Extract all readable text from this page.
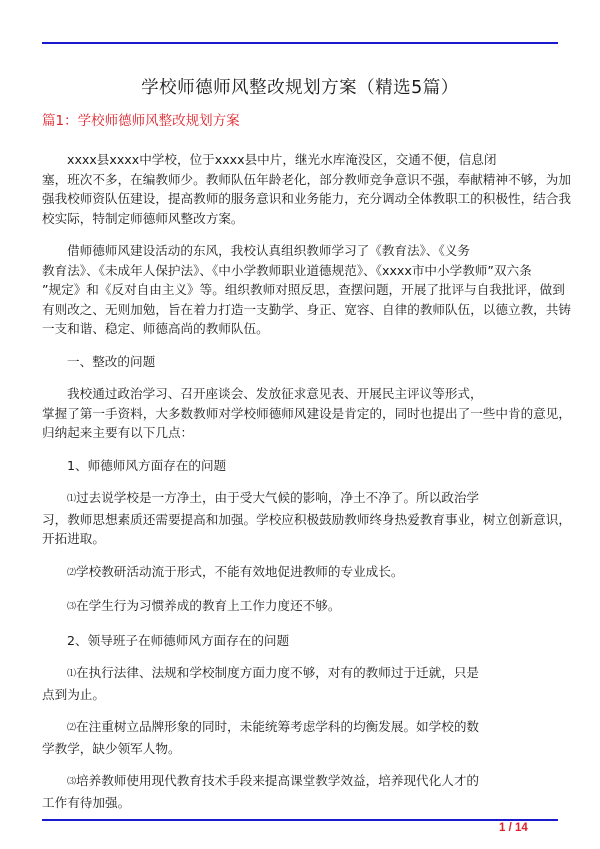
学校师德师风整改规划方案（精选5篇）
篇1：学校师德师风整改规划方案

xxxx县xxxx中学校，位于xxxx县中片，继光水库淹没区，交通不便，信息闭
塞，班次不多，在编教师少。教师队伍年龄老化，部分教师竞争意识不强，奉献精神不够，为加
强我校师资队伍建设，提高教师的服务意识和业务能力，充分调动全体教职工的积极性，结合我
校实际，特制定师德师风整改方案。

借师德师风建设活动的东风，我校认真组织教师学习了《教育法》、《义务
教育法》、《未成年人保护法》、《中小学教师职业道德规范》、《xxxx市中小学教师”双六条
”规定》和《反对自由主义》等。组织教师对照反思，查摆问题，开展了批评与自我批评，做到
有则改之、无则加勉，旨在着力打造一支勤学、身正、宽容、自律的教师队伍，以德立教，共铸
一支和谐、稳定、师德高尚的教师队伍。

一、整改的问题

我校通过政治学习、召开座谈会、发放征求意见表、开展民主评议等形式，
掌握了第一手资料，大多数教师对学校师德师风建设是肯定的，同时也提出了一些中肯的意见，
归纳起来主要有以下几点：

1、师德师风方面存在的问题

⑴过去说学校是一方净土，由于受大气候的影响，净土不净了。所以政治学
习，教师思想素质还需要提高和加强。学校应积极鼓励教师终身热爱教育事业，树立创新意识，
开拓进取。

⑵学校教研活动流于形式，不能有效地促进教师的专业成长。

⑶在学生行为习惯养成的教育上工作力度还不够。

2、领导班子在师德师风方面存在的问题

⑴在执行法律、法规和学校制度方面力度不够，对有的教师过于迁就，只是
点到为止。

⑵在注重树立品牌形象的同时，未能统筹考虑学科的均衡发展。如学校的数
学教学，缺少领军人物。

⑶培养教师使用现代教育技术手段来提高课堂教学效益，培养现代化人才的
工作有待加强。

1 / 14
